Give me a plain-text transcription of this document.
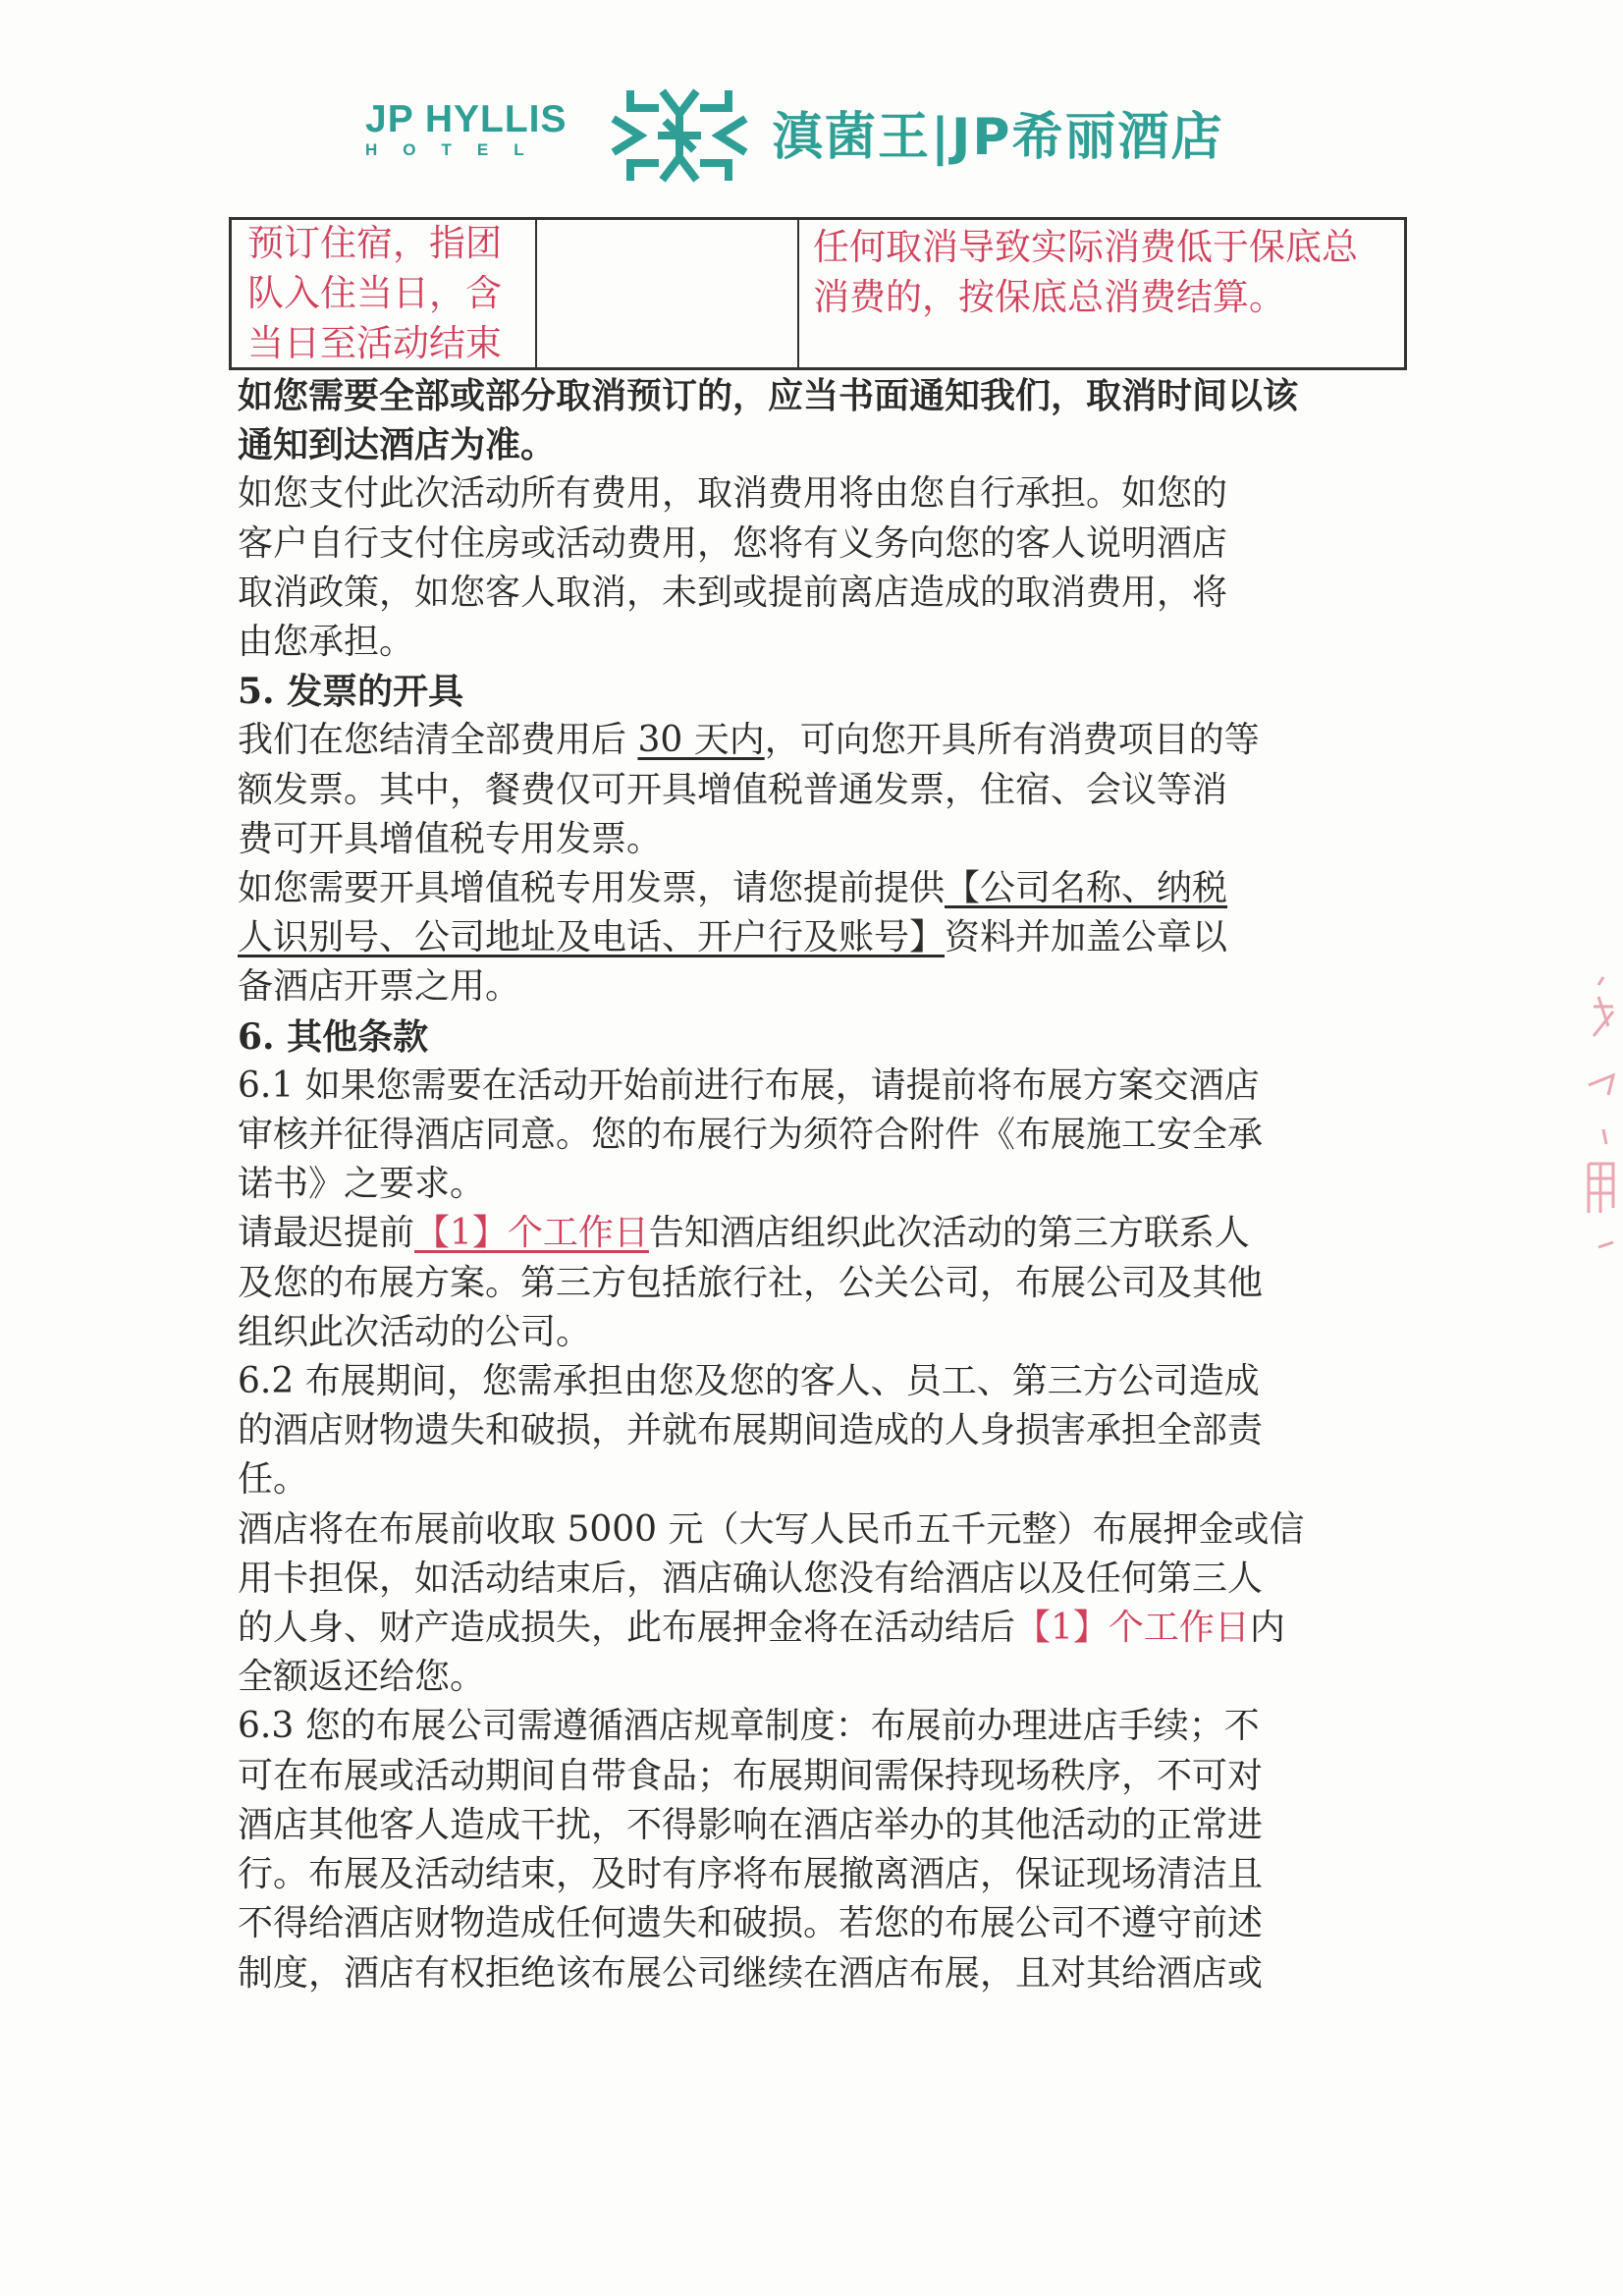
JP HYLLIS
HOTEL	滇菌王|JP希丽酒店
预订住宿，指团
队入住当日，含
当日至活动结束
任何取消导致实际消费低于保底总
消费的，按保底总消费结算。

如您需要全部或部分取消预订的，应当书面通知我们，取消时间以该

通知到达酒店为准。

如您支付此次活动所有费用，取消费用将由您自行承担。如您的

客户自行支付住房或活动费用，您将有义务向您的客人说明酒店

取消政策，如您客人取消，未到或提前离店造成的取消费用，将

由您承担。

5. 发票的开具

我们在您结清全部费用后 30 天内，可向您开具所有消费项目的等

额发票。其中，餐费仅可开具增值税普通发票，住宿、会议等消

费可开具增值税专用发票。

如您需要开具增值税专用发票，请您提前提供【公司名称、纳税

人识别号、公司地址及电话、开户行及账号】资料并加盖公章以

备酒店开票之用。

6. 其他条款

6.1 如果您需要在活动开始前进行布展，请提前将布展方案交酒店

审核并征得酒店同意。您的布展行为须符合附件《布展施工安全承

诺书》之要求。

请最迟提前【1】个工作日告知酒店组织此次活动的第三方联系人

及您的布展方案。第三方包括旅行社，公关公司，布展公司及其他

组织此次活动的公司。

6.2 布展期间，您需承担由您及您的客人、员工、第三方公司造成

的酒店财物遗失和破损，并就布展期间造成的人身损害承担全部责

任。

酒店将在布展前收取 5000 元（大写人民币五千元整）布展押金或信

用卡担保，如活动结束后，酒店确认您没有给酒店以及任何第三人

的人身、财产造成损失，此布展押金将在活动结后【1】个工作日内

全额返还给您。

6.3 您的布展公司需遵循酒店规章制度：布展前办理进店手续；不

可在布展或活动期间自带食品；布展期间需保持现场秩序，不可对

酒店其他客人造成干扰，不得影响在酒店举办的其他活动的正常进

行。布展及活动结束，及时有序将布展撤离酒店，保证现场清洁且

不得给酒店财物造成任何遗失和破损。若您的布展公司不遵守前述

制度，酒店有权拒绝该布展公司继续在酒店布展，且对其给酒店或
